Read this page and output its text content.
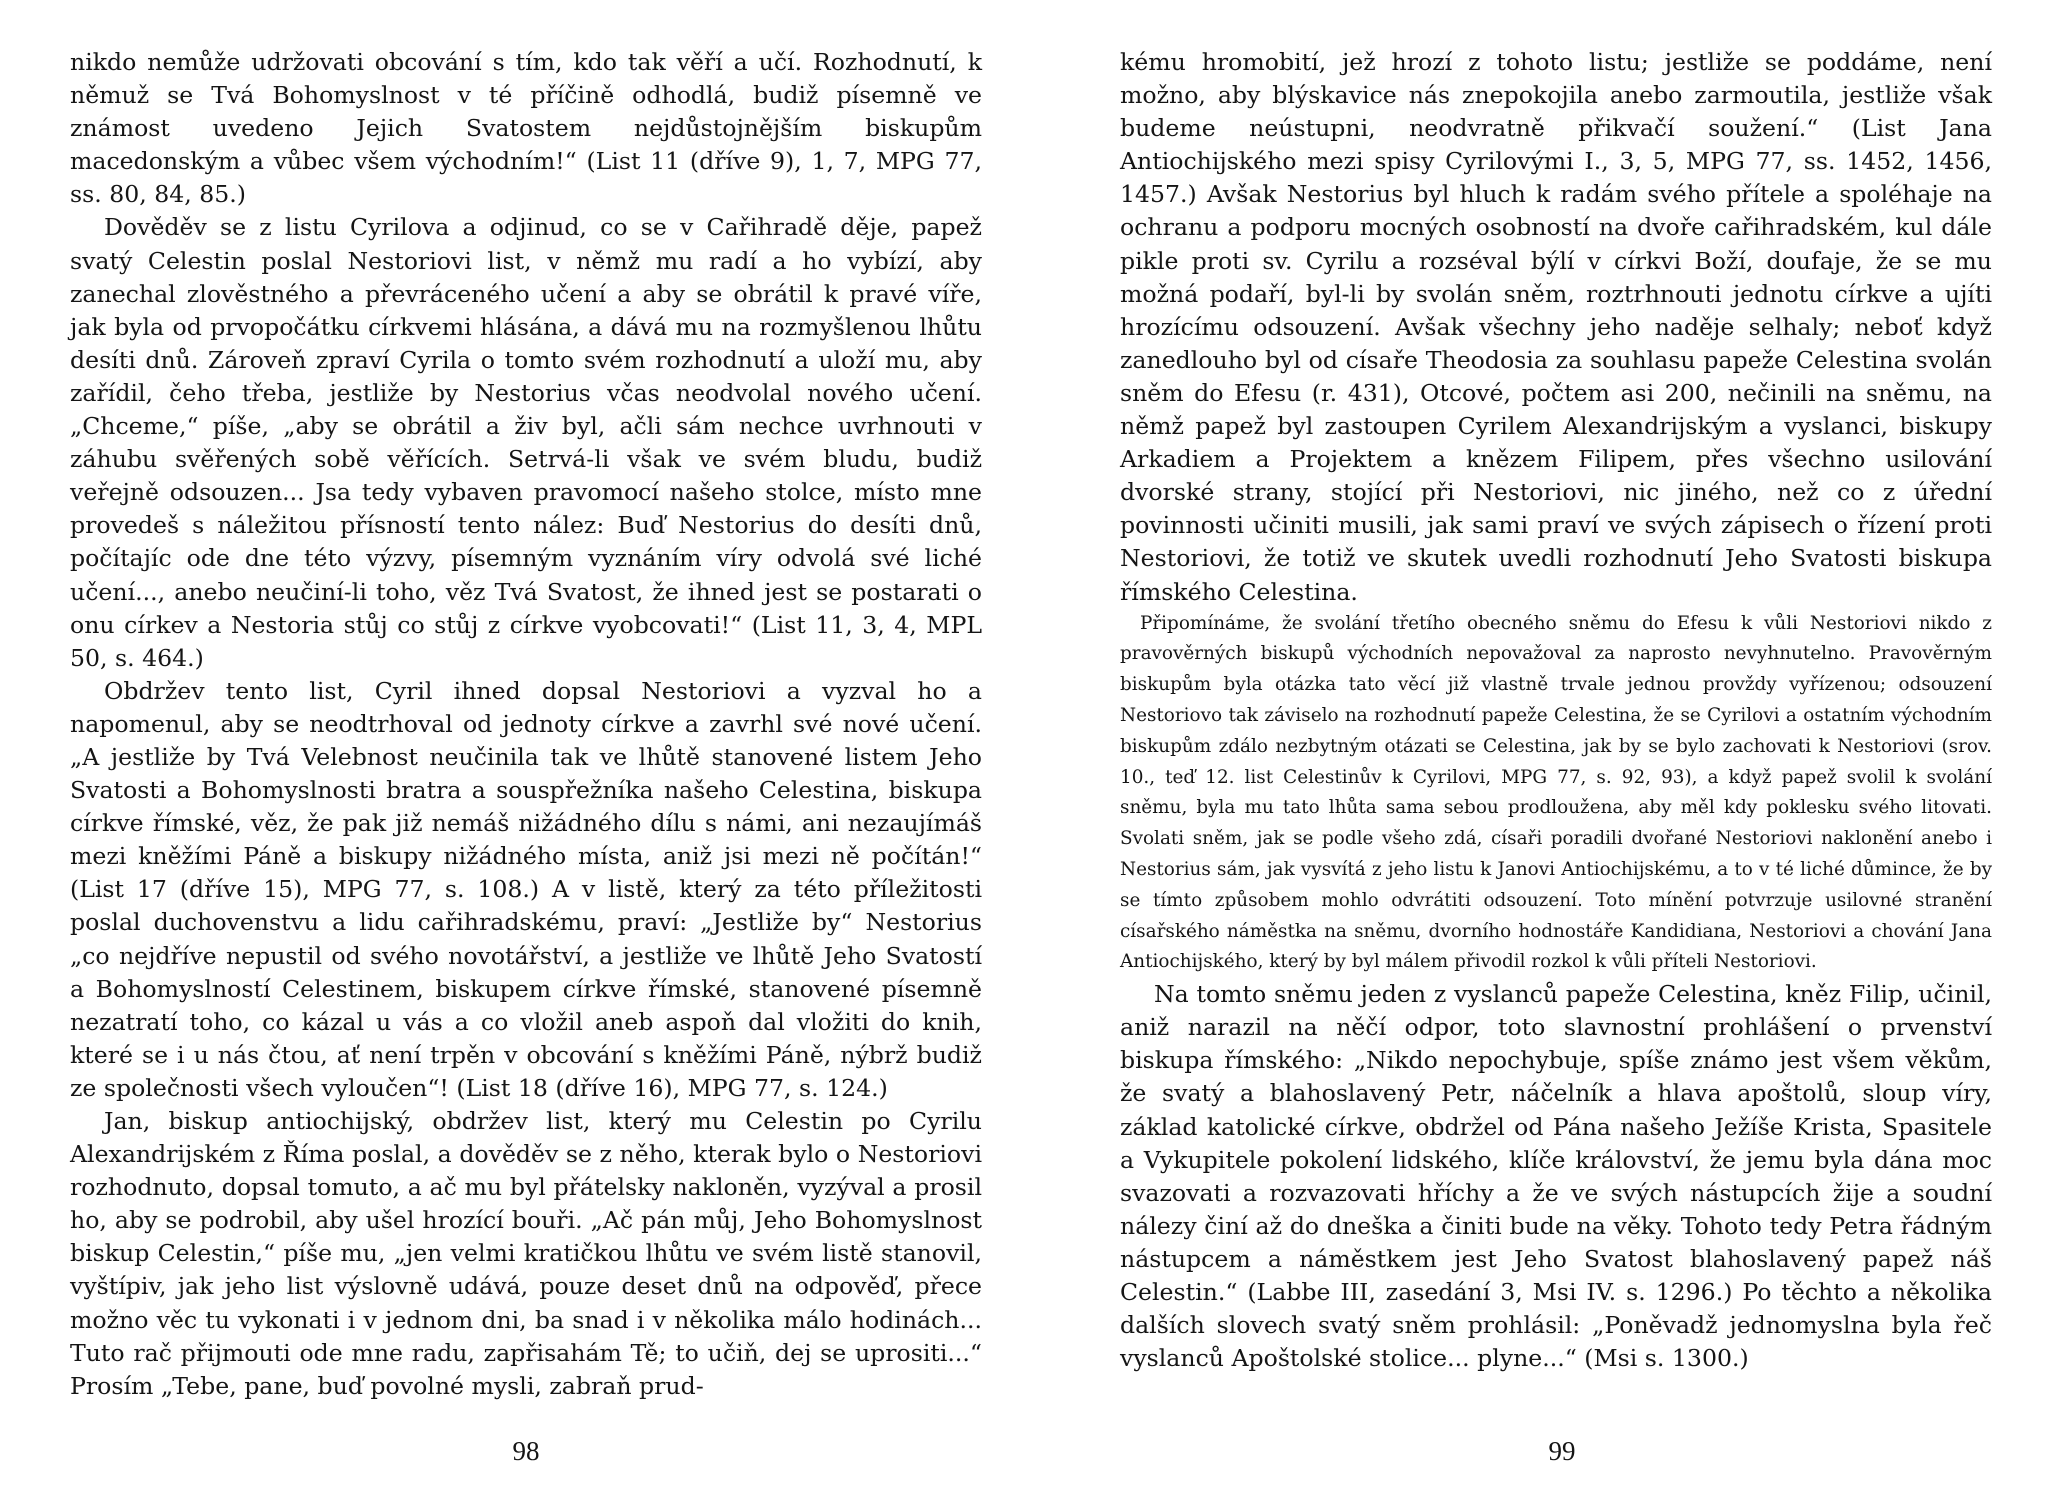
nikdo nemůže udržovati obcování s tím, kdo tak věří a učí. Rozhodnutí, k němuž se Tvá Bohomyslnost v té příčině odhodlá, budiž písemně ve známost uvedeno Jejich Svatostem nejdůstojnějším biskupům macedonským a vůbec všem východním!“ (List 11 (dříve 9), 1, 7, MPG 77, ss. 80, 84, 85.)

Dověděv se z listu Cyrilova a odjinud, co se v Cařihradě děje, papež svatý Celestin poslal Nestoriovi list, v němž mu radí a ho vybízí, aby zanechal zlověstného a převráceného učení a aby se obrátil k pravé víře, jak byla od prvopočátku církvemi hlásána, a dává mu na rozmyšlenou lhůtu desíti dnů. Zároveň zpraví Cyrila o tomto svém rozhodnutí a uloží mu, aby zařídil, čeho třeba, jestliže by Nestorius včas neodvolal nového učení. „Chceme,“ píše, „aby se obrátil a živ byl, ačli sám nechce uvrhnouti v záhubu svěřených sobě věřících. Setrvá-li však ve svém bludu, budiž veřejně odsouzen... Jsa tedy vybaven pravomocí našeho stolce, místo mne provedeš s náležitou přísností tento nález: Buď Nestorius do desíti dnů, počítajíc ode dne této výzvy, písemným vyznáním víry odvolá své liché učení..., anebo neučiní-li toho, věz Tvá Svatost, že ihned jest se postarati o onu církev a Nestoria stůj co stůj z církve vyobcovati!“ (List 11, 3, 4, MPL 50, s. 464.)

Obdržev tento list, Cyril ihned dopsal Nestoriovi a vyzval ho a napomenul, aby se neodtrhoval od jednoty církve a zavrhl své nové učení. „A jestliže by Tvá Velebnost neučinila tak ve lhůtě stanovené listem Jeho Svatosti a Bohomyslnosti bratra a souspřežníka našeho Celestina, biskupa církve římské, věz, že pak již nemáš nižádného dílu s námi, ani nezaujímáš mezi kněžími Páně a biskupy nižádného místa, aniž jsi mezi ně počítán!“ (List 17 (dříve 15), MPG 77, s. 108.) A v listě, který za této příležitosti poslal duchovenstvu a lidu cařihradskému, praví: „Jestliže by“ Nestorius „co nejdříve nepustil od svého novotářství, a jestliže ve lhůtě Jeho Svatostí a Bohomyslností Celestinem, biskupem církve římské, stanovené písemně nezatratí toho, co kázal u vás a co vložil aneb aspoň dal vložiti do knih, které se i u nás čtou, ať není trpěn v obcování s kněžími Páně, nýbrž budiž ze společnosti všech vyloučen“! (List 18 (dříve 16), MPG 77, s. 124.)

Jan, biskup antiochijský, obdržev list, který mu Celestin po Cyrilu Alexandrijském z Říma poslal, a dověděv se z něho, kterak bylo o Nestoriovi rozhodnuto, dopsal tomuto, a ač mu byl přátelsky nakloněn, vyzýval a prosil ho, aby se podrobil, aby ušel hrozící bouři. „Ač pán můj, Jeho Bohomyslnost biskup Celestin,“ píše mu, „jen velmi kratičkou lhůtu ve svém listě stanovil, vyštípiv, jak jeho list výslovně udává, pouze deset dnů na odpověď, přece možno věc tu vykonati i v jednom dni, ba snad i v několika málo hodinách... Tuto rač přijmouti ode mne radu, zapřisahám Tě; to učiň, dej se uprositi...“ Prosím „Tebe, pane, buď povolné mysli, zabraň prud-

98

kému hromobití, jež hrozí z tohoto listu; jestliže se poddáme, není možno, aby blýskavice nás znepokojila anebo zarmoutila, jestliže však budeme neústupni, neodvratně přikvačí soužení.“ (List Jana Antiochijského mezi spisy Cyrilovými I., 3, 5, MPG 77, ss. 1452, 1456, 1457.) Avšak Nestorius byl hluch k radám svého přítele a spoléhaje na ochranu a podporu mocných osobností na dvoře cařihradském, kul dále pikle proti sv. Cyrilu a rozséval býlí v církvi Boží, doufaje, že se mu možná podaří, byl-li by svolán sněm, roztrhnouti jednotu církve a ujíti hrozícímu odsouzení. Avšak všechny jeho naděje selhaly; neboť když zanedlouho byl od císaře Theodosia za souhlasu papeže Celestina svolán sněm do Efesu (r. 431), Otcové, počtem asi 200, nečinili na sněmu, na němž papež byl zastoupen Cyrilem Alexandrijským a vyslanci, biskupy Arkadiem a Projektem a knězem Filipem, přes všechno usilování dvorské strany, stojící při Nestoriovi, nic jiného, než co z úřední povinnosti učiniti musili, jak sami praví ve svých zápisech o řízení proti Nestoriovi, že totiž ve skutek uvedli rozhodnutí Jeho Svatosti biskupa římského Celestina.

Připomínáme, že svolání třetího obecného sněmu do Efesu k vůli Nestoriovi nikdo z pravověrných biskupů východních nepovažoval za naprosto nevyhnutelno. Pravověrným biskupům byla otázka tato věcí již vlastně trvale jednou provždy vyřízenou; odsouzení Nestoriovo tak záviselo na rozhodnutí papeže Celestina, že se Cyrilovi a ostatním východním biskupům zdálo nezbytným otázati se Celestina, jak by se bylo zachovati k Nestoriovi (srov. 10., teď 12. list Celestinův k Cyrilovi, MPG 77, s. 92, 93), a když papež svolil k svolání sněmu, byla mu tato lhůta sama sebou prodloužena, aby měl kdy poklesku svého litovati. Svolati sněm, jak se podle všeho zdá, císaři poradili dvořané Nestoriovi naklonění anebo i Nestorius sám, jak vysvítá z jeho listu k Janovi Antiochijskému, a to v té liché důmince, že by se tímto způsobem mohlo odvrátiti odsouzení. Toto mínění potvrzuje usilovné stranění císařského náměstka na sněmu, dvorního hodnostáře Kandidiana, Nestoriovi a chování Jana Antiochijského, který by byl málem přivodil rozkol k vůli příteli Nestoriovi.

Na tomto sněmu jeden z vyslanců papeže Celestina, kněz Filip, učinil, aniž narazil na něčí odpor, toto slavnostní prohlášení o prvenství biskupa římského: „Nikdo nepochybuje, spíše známo jest všem věkům, že svatý a blahoslavený Petr, náčelník a hlava apoštolů, sloup víry, základ katolické církve, obdržel od Pána našeho Ježíše Krista, Spasitele a Vykupitele pokolení lidského, klíče království, že jemu byla dána moc svazovati a rozvazovati hříchy a že ve svých nástupcích žije a soudní nálezy činí až do dneška a činiti bude na věky. Tohoto tedy Petra řádným nástupcem a náměstkem jest Jeho Svatost blahoslavený papež náš Celestin.“ (Labbe III, zasedání 3, Msi IV. s. 1296.) Po těchto a několika dalších slovech svatý sněm prohlásil: „Poněvadž jednomyslna byla řeč vyslanců Apoštolské stolice... plyne...“ (Msi s. 1300.)

99
